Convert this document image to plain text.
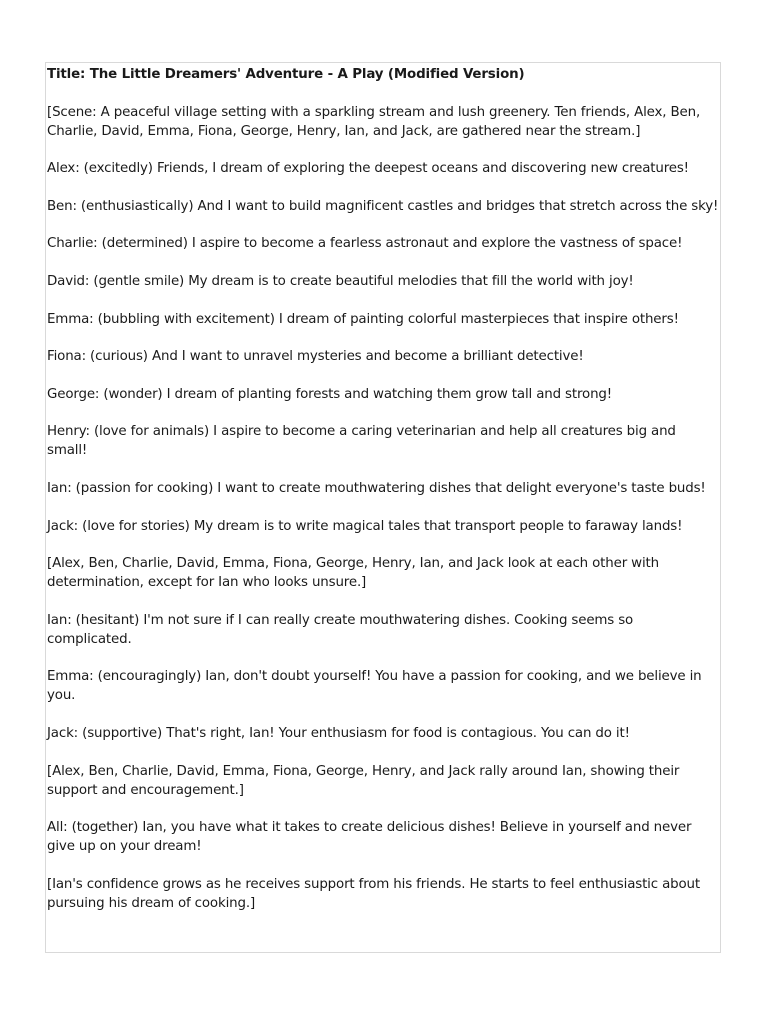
Title: The Little Dreamers' Adventure - A Play (Modified Version)

[Scene: A peaceful village setting with a sparkling stream and lush greenery. Ten friends, Alex, Ben, Charlie, David, Emma, Fiona, George, Henry, Ian, and Jack, are gathered near the stream.]

Alex: (excitedly) Friends, I dream of exploring the deepest oceans and discovering new creatures!

Ben: (enthusiastically) And I want to build magnificent castles and bridges that stretch across the sky!

Charlie: (determined) I aspire to become a fearless astronaut and explore the vastness of space!

David: (gentle smile) My dream is to create beautiful melodies that fill the world with joy!

Emma: (bubbling with excitement) I dream of painting colorful masterpieces that inspire others!

Fiona: (curious) And I want to unravel mysteries and become a brilliant detective!

George: (wonder) I dream of planting forests and watching them grow tall and strong!

Henry: (love for animals) I aspire to become a caring veterinarian and help all creatures big and small!

Ian: (passion for cooking) I want to create mouthwatering dishes that delight everyone's taste buds!

Jack: (love for stories) My dream is to write magical tales that transport people to faraway lands!

[Alex, Ben, Charlie, David, Emma, Fiona, George, Henry, Ian, and Jack look at each other with determination, except for Ian who looks unsure.]

Ian: (hesitant) I'm not sure if I can really create mouthwatering dishes. Cooking seems so complicated.

Emma: (encouragingly) Ian, don't doubt yourself! You have a passion for cooking, and we believe in you.

Jack: (supportive) That's right, Ian! Your enthusiasm for food is contagious. You can do it!

[Alex, Ben, Charlie, David, Emma, Fiona, George, Henry, and Jack rally around Ian, showing their support and encouragement.]

All: (together) Ian, you have what it takes to create delicious dishes! Believe in yourself and never give up on your dream!

[Ian's confidence grows as he receives support from his friends. He starts to feel enthusiastic about pursuing his dream of cooking.]
